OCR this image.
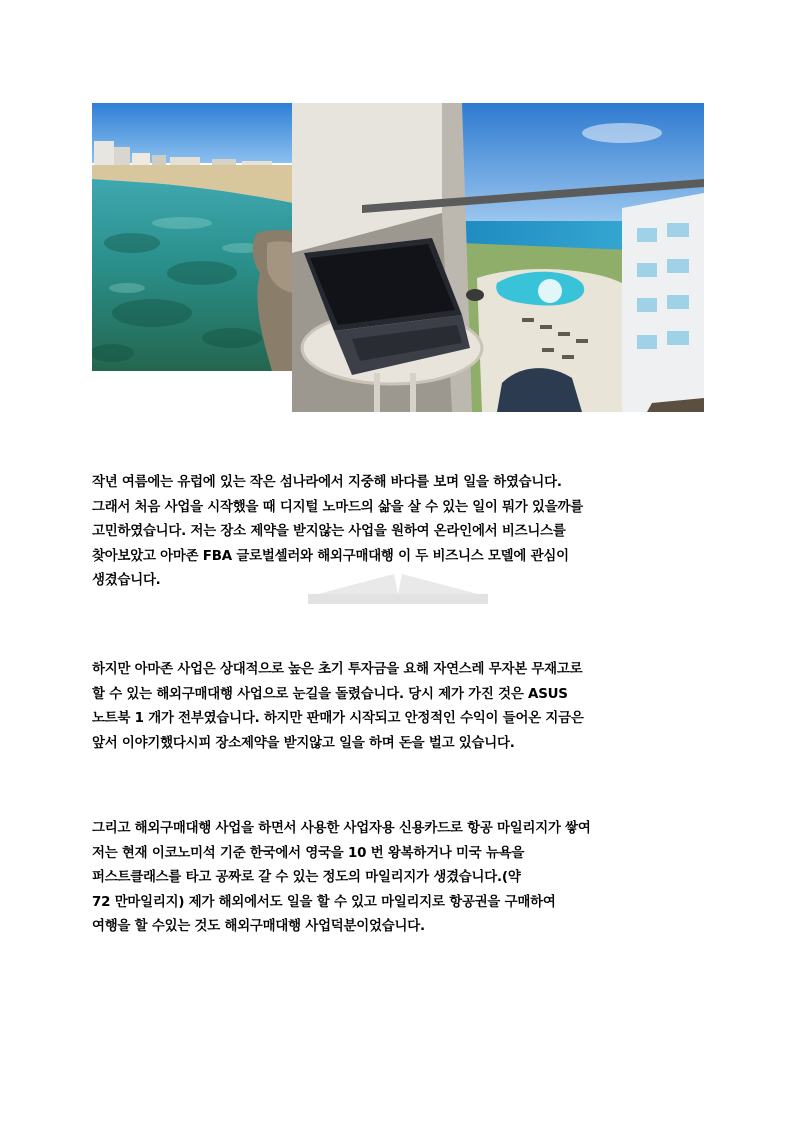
작년 여름에는 유럽에 있는 작은 섬나라에서 지중해 바다를 보며 일을 하였습니다.
그래서 처음 사업을 시작했을 때 디지털 노마드의 삶을 살 수 있는 일이 뭐가 있을까를
고민하였습니다. 저는 장소 제약을 받지않는 사업을 원하여 온라인에서 비즈니스를
찾아보았고 아마존 FBA 글로벌셀러와 해외구매대행 이 두 비즈니스 모델에 관심이
생겼습니다.
하지만 아마존 사업은 상대적으로 높은 초기 투자금을 요해 자연스레 무자본 무재고로
할 수 있는 해외구매대행 사업으로 눈길을 돌렸습니다. 당시 제가 가진 것은 ASUS
노트북 1 개가 전부였습니다. 하지만 판매가 시작되고 안정적인 수익이 들어온 지금은
앞서 이야기했다시피 장소제약을 받지않고 일을 하며 돈을 벌고 있습니다.
그리고 해외구매대행 사업을 하면서 사용한 사업자용 신용카드로 항공 마일리지가 쌓여
저는 현재 이코노미석 기준 한국에서 영국을 10 번 왕복하거나 미국 뉴욕을
퍼스트클래스를 타고 공짜로 갈 수 있는 정도의 마일리지가 생겼습니다.(약
72 만마일리지) 제가 해외에서도 일을 할 수 있고 마일리지로 항공권을 구매하여
여행을 할 수있는 것도 해외구매대행 사업덕분이었습니다.
